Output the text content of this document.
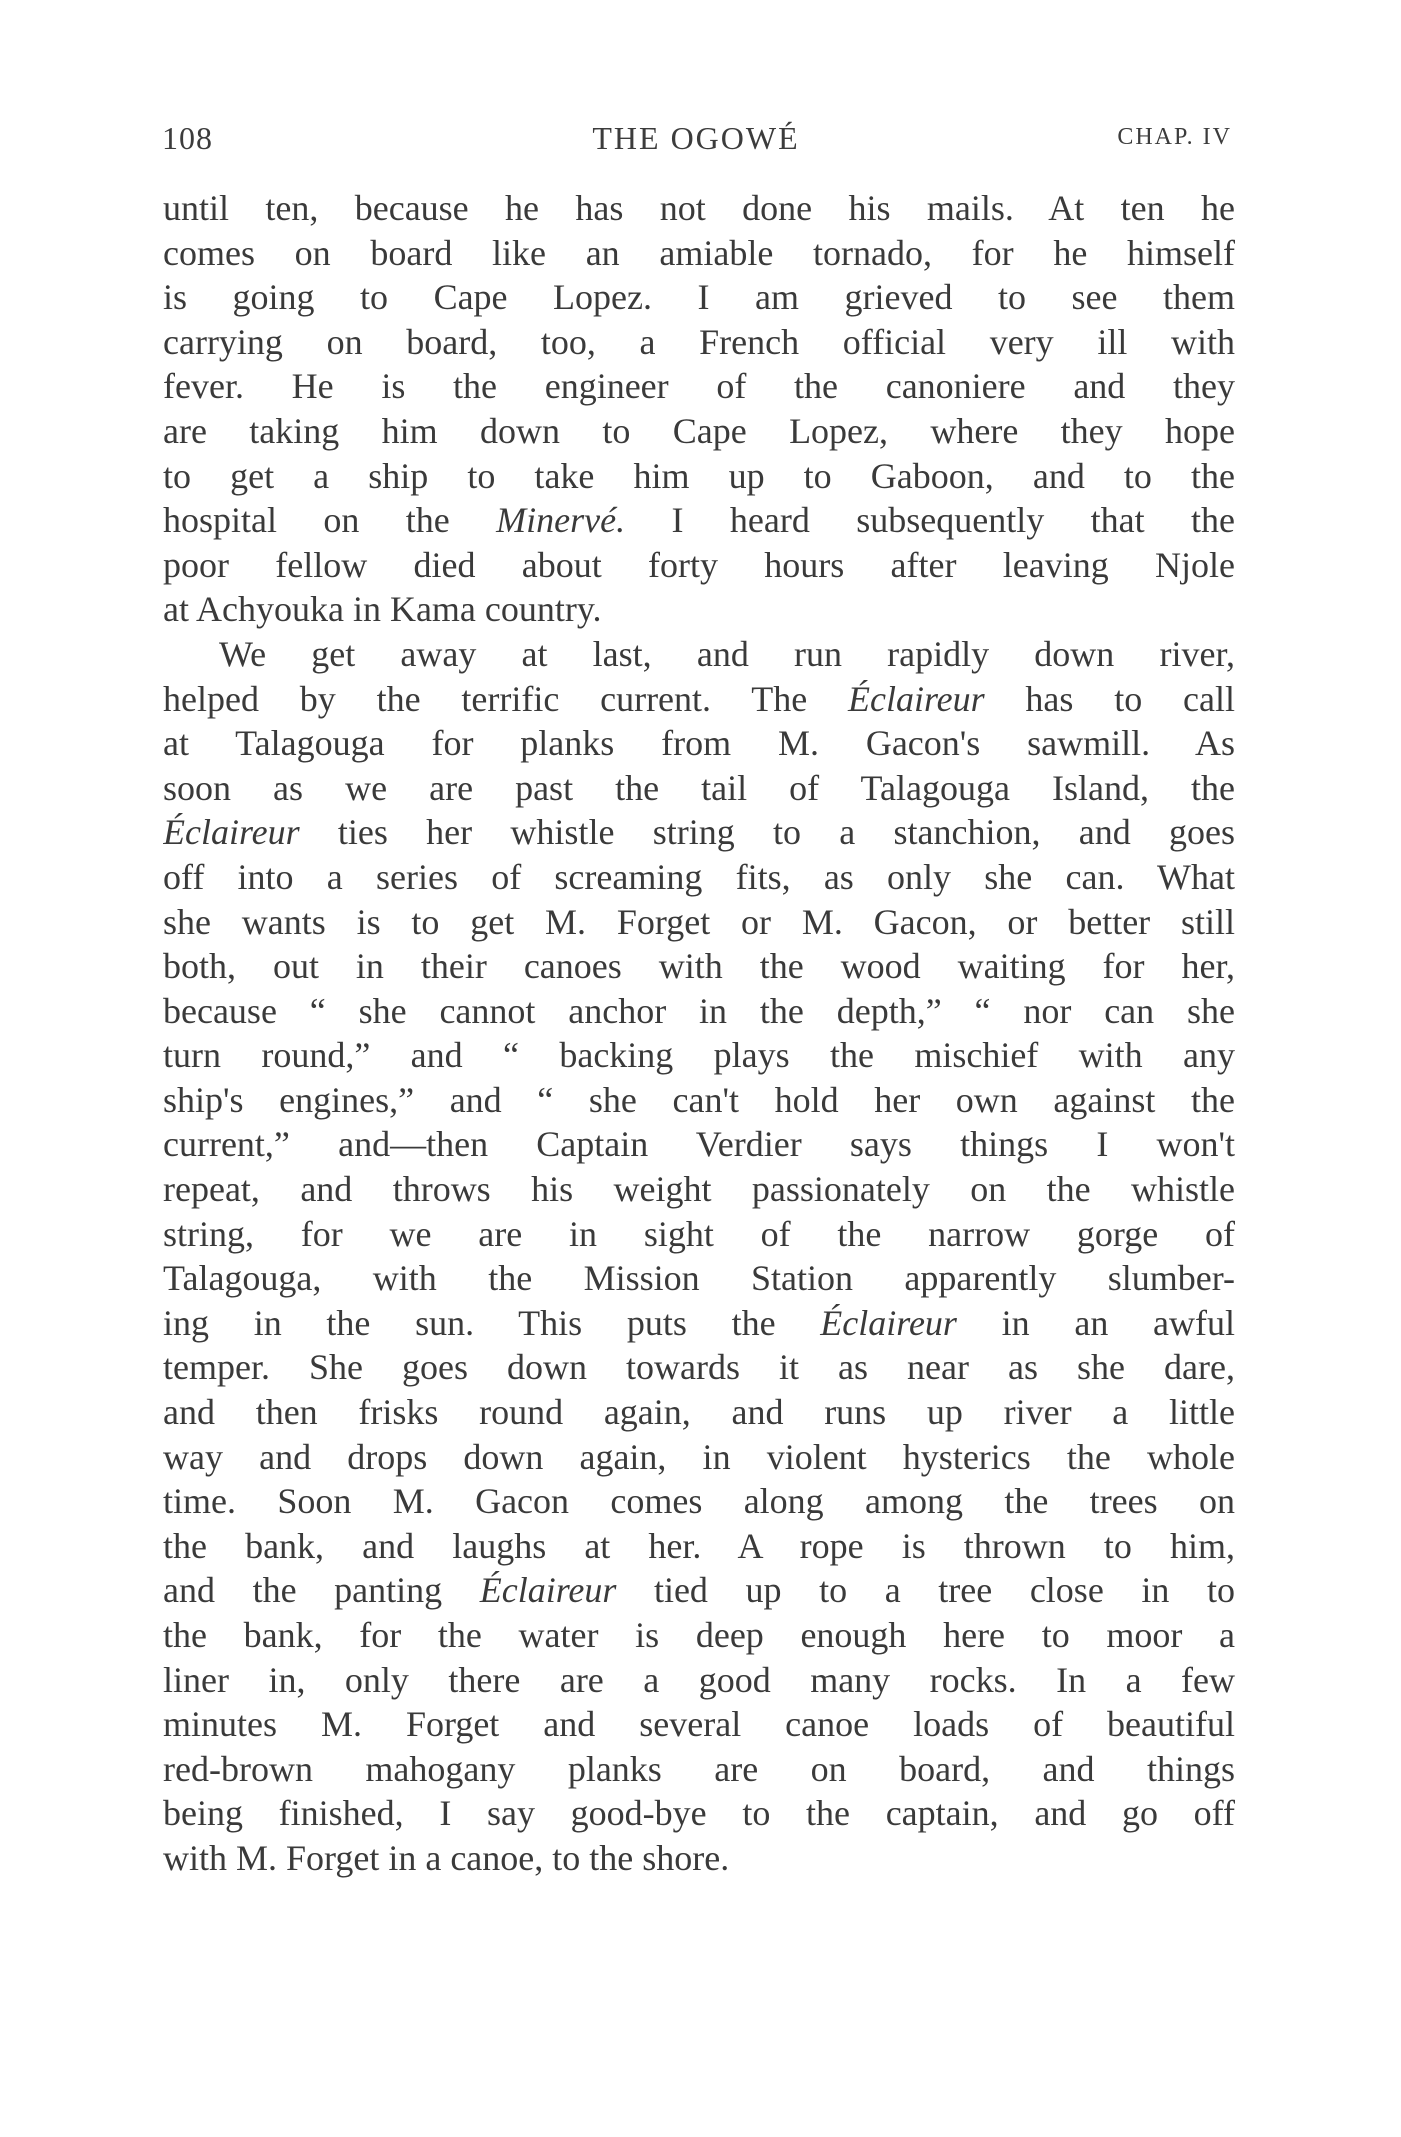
108	THE OGOWÉ	CHAP. IV
until ten, because he has not done his mails. At ten he
comes on board like an amiable tornado, for he himself
is going to Cape Lopez. I am grieved to see them
carrying on board, too, a French official very ill with
fever. He is the engineer of the canoniere and they
are taking him down to Cape Lopez, where they hope
to get a ship to take him up to Gaboon, and to the
hospital on the Minervé. I heard subsequently that the
poor fellow died about forty hours after leaving Njole
at Achyouka in Kama country.
We get away at last, and run rapidly down river,
helped by the terrific current. The Éclaireur has to call
at Talagouga for planks from M. Gacon's sawmill. As
soon as we are past the tail of Talagouga Island, the
Éclaireur ties her whistle string to a stanchion, and goes
off into a series of screaming fits, as only she can. What
she wants is to get M. Forget or M. Gacon, or better still
both, out in their canoes with the wood waiting for her,
because “ she cannot anchor in the depth,” “ nor can she
turn round,” and “ backing plays the mischief with any
ship's engines,” and “ she can't hold her own against the
current,” and—then Captain Verdier says things I won't
repeat, and throws his weight passionately on the whistle
string, for we are in sight of the narrow gorge of
Talagouga, with the Mission Station apparently slumber-
ing in the sun. This puts the Éclaireur in an awful
temper. She goes down towards it as near as she dare,
and then frisks round again, and runs up river a little
way and drops down again, in violent hysterics the whole
time. Soon M. Gacon comes along among the trees on
the bank, and laughs at her. A rope is thrown to him,
and the panting Éclaireur tied up to a tree close in to
the bank, for the water is deep enough here to moor a
liner in, only there are a good many rocks. In a few
minutes M. Forget and several canoe loads of beautiful
red-brown mahogany planks are on board, and things
being finished, I say good-bye to the captain, and go off
with M. Forget in a canoe, to the shore.
